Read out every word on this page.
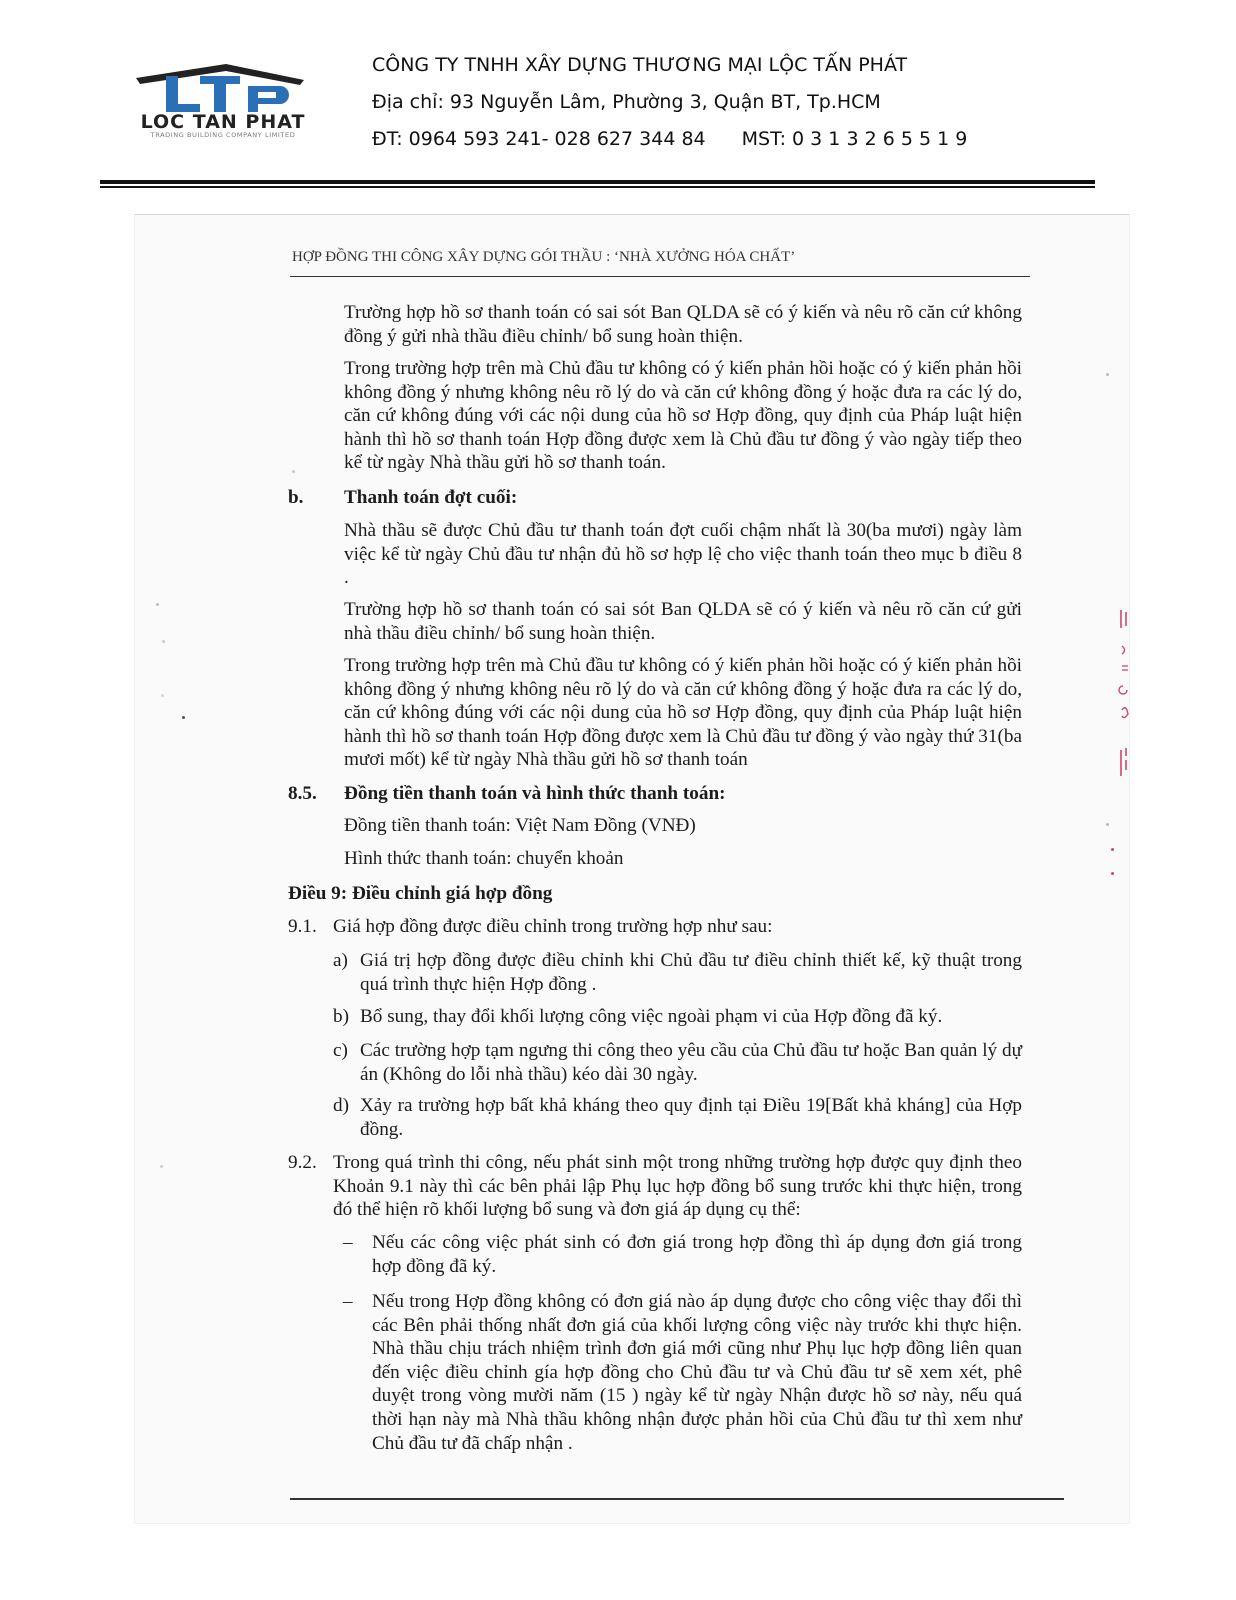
LOC TAN PHAT
TRADING BUILDING COMPANY LIMITED
CÔNG TY TNHH XÂY DỰNG THƯƠNG MẠI LỘC TẤN PHÁT
Địa chỉ: 93 Nguyễn Lâm, Phường 3, Quận BT, Tp.HCM
ĐT: 0964 593 241- 028 627 344 84 MST: 0 3 1 3 2 6 5 5 1 9
HỢP ĐỒNG THI CÔNG XÂY DỰNG GÓI THẦU : ‘NHÀ XƯỞNG HÓA CHẤT’
Trường hợp hồ sơ thanh toán có sai sót Ban QLDA sẽ có ý kiến và nêu rõ căn cứ không đồng ý gửi nhà thầu điều chỉnh/ bổ sung hoàn thiện.
Trong trường hợp trên mà Chủ đầu tư không có ý kiến phản hồi hoặc có ý kiến phản hồi không đồng ý nhưng không nêu rõ lý do và căn cứ không đồng ý hoặc đưa ra các lý do, căn cứ không đúng với các nội dung của hồ sơ Hợp đồng, quy định của Pháp luật hiện hành thì hồ sơ thanh toán Hợp đồng được xem là Chủ đầu tư đồng ý vào ngày tiếp theo kể từ ngày Nhà thầu gửi hồ sơ thanh toán.
b. Thanh toán đợt cuối:
Nhà thầu sẽ được Chủ đầu tư thanh toán đợt cuối chậm nhất là 30(ba mươi) ngày làm việc kể từ ngày Chủ đầu tư nhận đủ hồ sơ hợp lệ cho việc thanh toán theo mục b điều 8 .
Trường hợp hồ sơ thanh toán có sai sót Ban QLDA sẽ có ý kiến và nêu rõ căn cứ gửi nhà thầu điều chỉnh/ bổ sung hoàn thiện.
Trong trường hợp trên mà Chủ đầu tư không có ý kiến phản hồi hoặc có ý kiến phản hồi không đồng ý nhưng không nêu rõ lý do và căn cứ không đồng ý hoặc đưa ra các lý do, căn cứ không đúng với các nội dung của hồ sơ Hợp đồng, quy định của Pháp luật hiện hành thì hồ sơ thanh toán Hợp đồng được xem là Chủ đầu tư đồng ý vào ngày thứ 31(ba mươi mốt) kể từ ngày Nhà thầu gửi hồ sơ thanh toán
8.5. Đồng tiền thanh toán và hình thức thanh toán:
Đồng tiền thanh toán: Việt Nam Đồng (VNĐ)
Hình thức thanh toán: chuyển khoản
Điều 9: Điều chỉnh giá hợp đồng
9.1. Giá hợp đồng được điều chỉnh trong trường hợp như sau:
a) Giá trị hợp đồng được điều chỉnh khi Chủ đầu tư điều chỉnh thiết kế, kỹ thuật trong quá trình thực hiện Hợp đồng .
b) Bổ sung, thay đổi khối lượng công việc ngoài phạm vi của Hợp đồng đã ký.
c) Các trường hợp tạm ngưng thi công theo yêu cầu của Chủ đầu tư hoặc Ban quản lý dự án (Không do lỗi nhà thầu) kéo dài 30 ngày.
d) Xảy ra trường hợp bất khả kháng theo quy định tại Điều 19[Bất khả kháng] của Hợp đồng.
9.2. Trong quá trình thi công, nếu phát sinh một trong những trường hợp được quy định theo Khoản 9.1 này thì các bên phải lập Phụ lục hợp đồng bổ sung trước khi thực hiện, trong đó thể hiện rõ khối lượng bổ sung và đơn giá áp dụng cụ thể:
– Nếu các công việc phát sinh có đơn giá trong hợp đồng thì áp dụng đơn giá trong hợp đồng đã ký.
– Nếu trong Hợp đồng không có đơn giá nào áp dụng được cho công việc thay đổi thì các Bên phải thống nhất đơn giá của khối lượng công việc này trước khi thực hiện. Nhà thầu chịu trách nhiệm trình đơn giá mới cũng như Phụ lục hợp đồng liên quan đến việc điều chỉnh gía hợp đồng cho Chủ đầu tư và Chủ đầu tư sẽ xem xét, phê duyệt trong vòng mười năm (15 ) ngày kể từ ngày Nhận được hồ sơ này, nếu quá thời hạn này mà Nhà thầu không nhận được phản hồi của Chủ đầu tư thì xem như Chủ đầu tư đã chấp nhận .
